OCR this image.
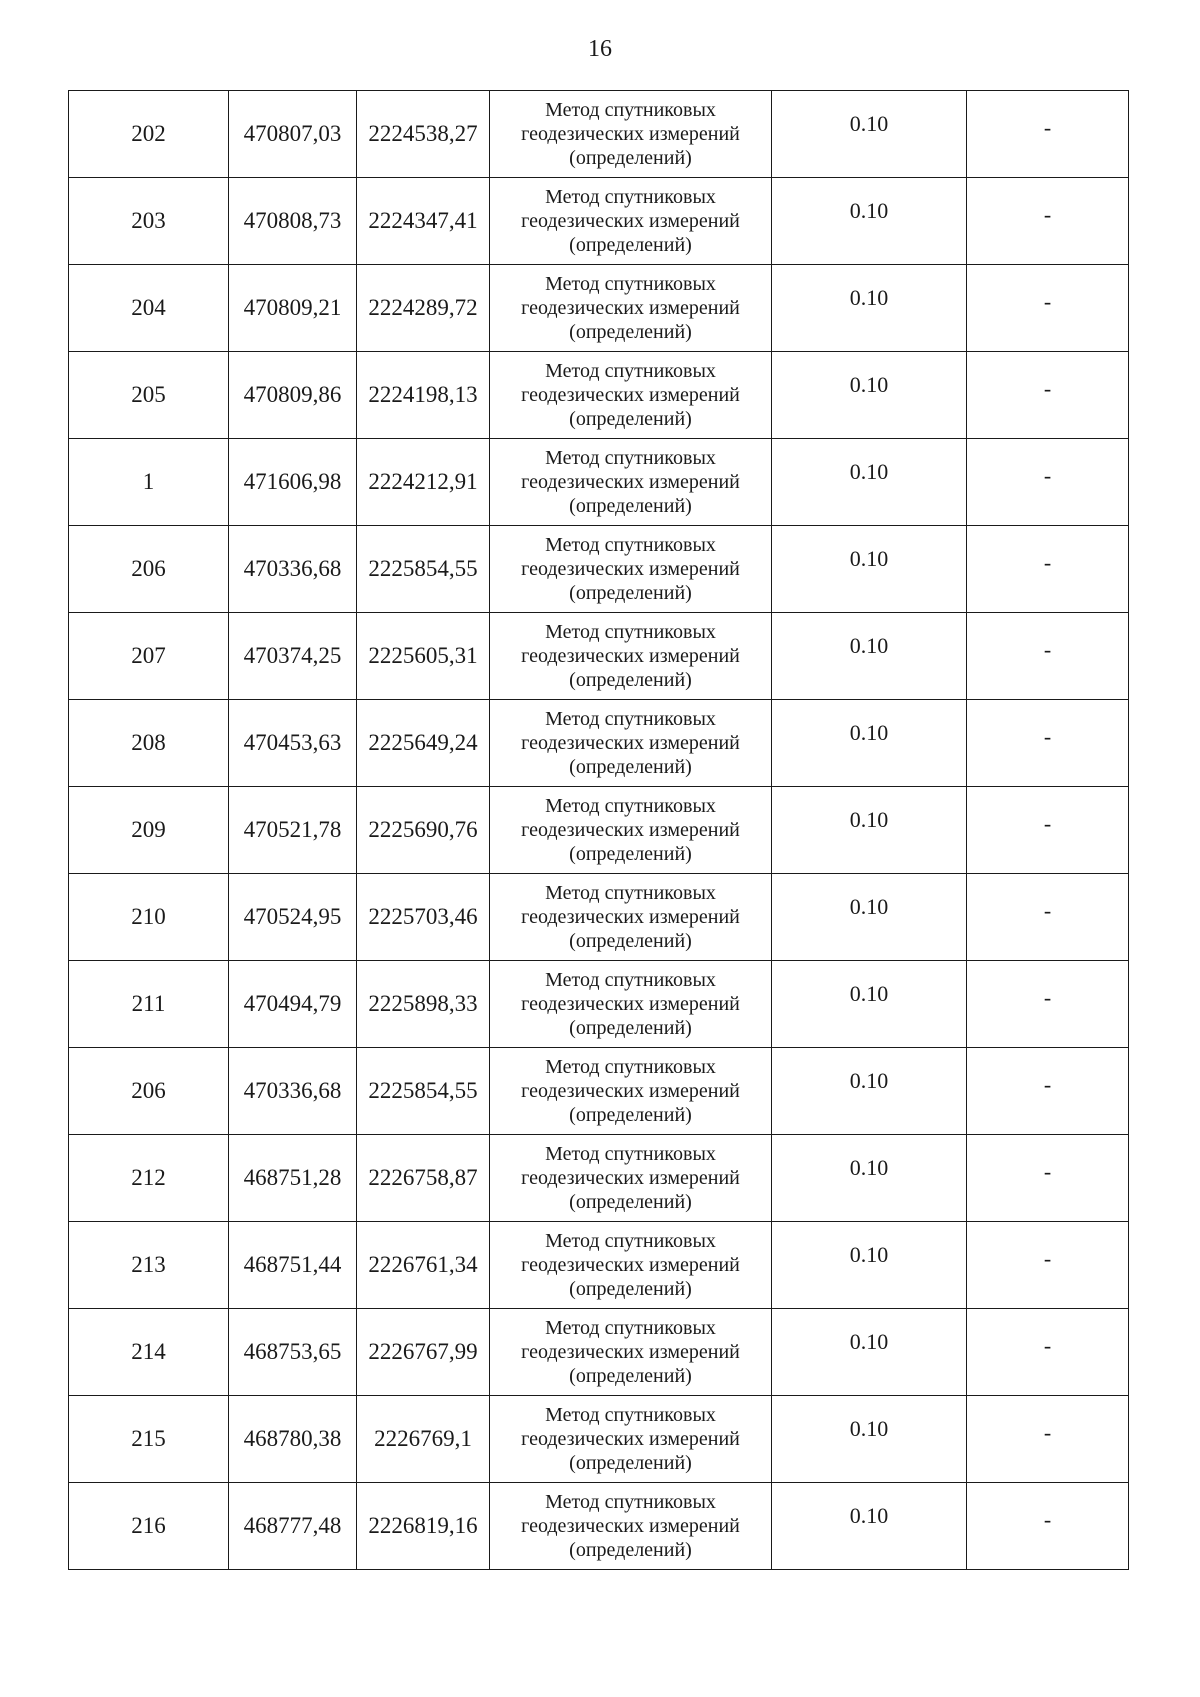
16
202	470807,03	2224538,27	Метод спутниковых
геодезических измерений
(определений)	0.10	-

203	470808,73	2224347,41	Метод спутниковых
геодезических измерений
(определений)	0.10	-

204	470809,21	2224289,72	Метод спутниковых
геодезических измерений
(определений)	0.10	-

205	470809,86	2224198,13	Метод спутниковых
геодезических измерений
(определений)	0.10	-

1	471606,98	2224212,91	Метод спутниковых
геодезических измерений
(определений)	0.10	-

206	470336,68	2225854,55	Метод спутниковых
геодезических измерений
(определений)	0.10	-

207	470374,25	2225605,31	Метод спутниковых
геодезических измерений
(определений)	0.10	-

208	470453,63	2225649,24	Метод спутниковых
геодезических измерений
(определений)	0.10	-

209	470521,78	2225690,76	Метод спутниковых
геодезических измерений
(определений)	0.10	-

210	470524,95	2225703,46	Метод спутниковых
геодезических измерений
(определений)	0.10	-

211	470494,79	2225898,33	Метод спутниковых
геодезических измерений
(определений)	0.10	-

206	470336,68	2225854,55	Метод спутниковых
геодезических измерений
(определений)	0.10	-

212	468751,28	2226758,87	Метод спутниковых
геодезических измерений
(определений)	0.10	-

213	468751,44	2226761,34	Метод спутниковых
геодезических измерений
(определений)	0.10	-

214	468753,65	2226767,99	Метод спутниковых
геодезических измерений
(определений)	0.10	-

215	468780,38	2226769,1	Метод спутниковых
геодезических измерений
(определений)	0.10	-

216	468777,48	2226819,16	Метод спутниковых
геодезических измерений
(определений)	0.10	-
